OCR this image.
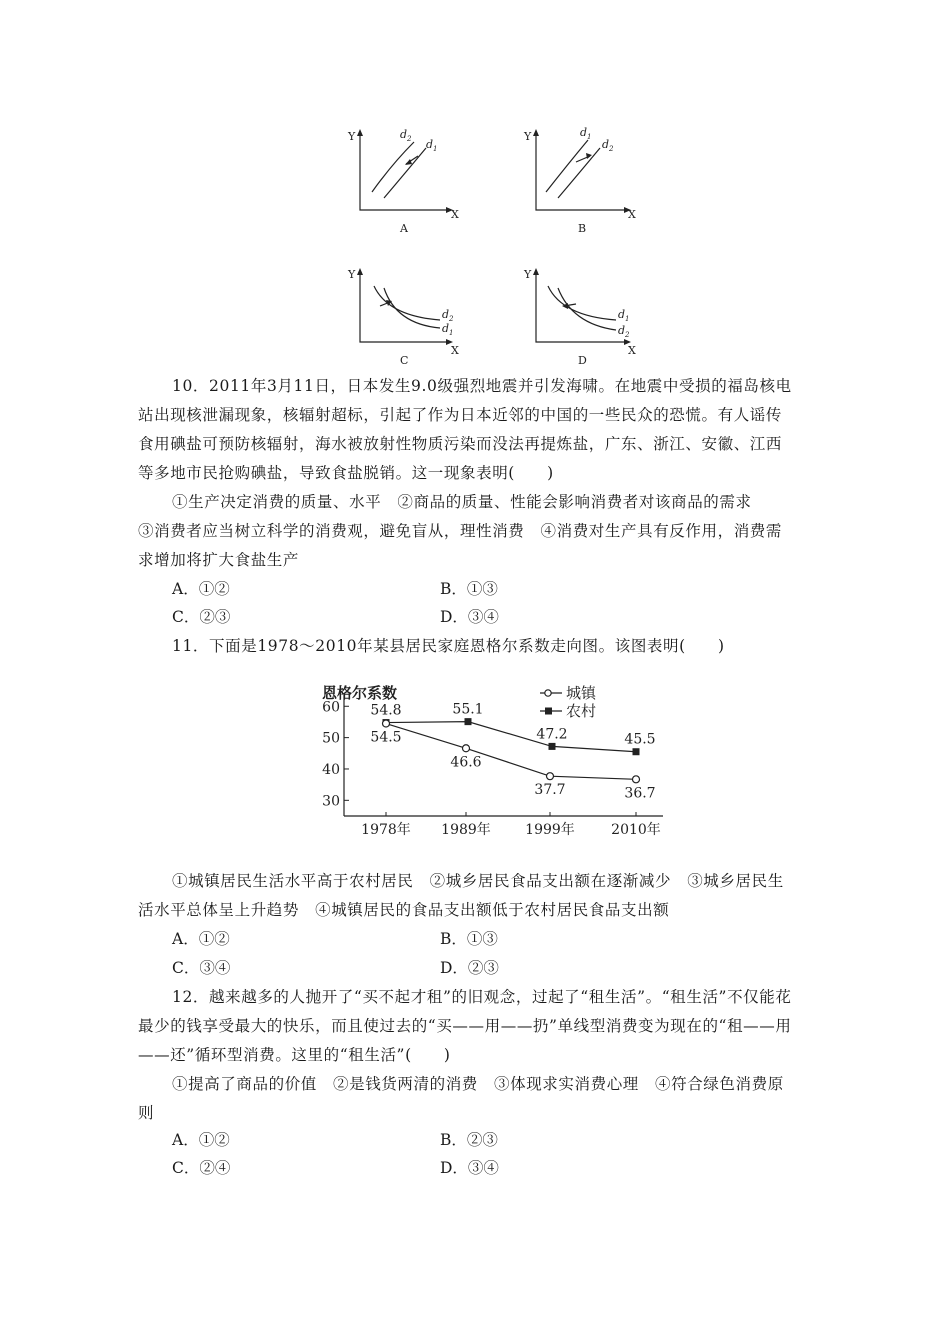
Y
X
Y
X
Y
X
Y
X
A	B
C	D
$d_2$ $d_1$
$d_1$
$d_2$
$d_2$
$d_1$
$d_1$
$d_2$
10．2011年3月11日，日本发生9.0级强烈地震并引发海啸。在地震中受损的福岛核电
站出现核泄漏现象，核辐射超标，引起了作为日本近邻的中国的一些民众的恐慌。有人谣传
食用碘盐可预防核辐射，海水被放射性物质污染而没法再提炼盐，广东、浙江、安徽、江西
等多地市民抢购碘盐，导致食盐脱销。这一现象表明(　　)
①生产决定消费的质量、水平　②商品的质量、性能会影响消费者对该商品的需求
③消费者应当树立科学的消费观，避免盲从，理性消费　④消费对生产具有反作用，消费需
求增加将扩大食盐生产
A．①②	B．①③
C．②③	D．③④
11．下面是1978～2010年某县居民家庭恩格尔系数走向图。该图表明(　　)
恩格尔系数
30
40
50
60
1978年 1989年 1999年	2010年
54.8	55.1
47.2	45.5
54.5
46.6
37.7	36.7
城镇
农村
①城镇居民生活水平高于农村居民　②城乡居民食品支出额在逐渐减少　③城乡居民生
活水平总体呈上升趋势　④城镇居民的食品支出额低于农村居民食品支出额
A．①②	B．①③
C．③④	D．②③
12．越来越多的人抛开了“买不起才租”的旧观念，过起了“租生活”。“租生活”不仅能花
最少的钱享受最大的快乐，而且使过去的“买——用——扔”单线型消费变为现在的“租——用
——还”循环型消费。这里的“租生活”(　　)
①提高了商品的价值　②是钱货两清的消费　③体现求实消费心理　④符合绿色消费原
则
A．①②	B．②③
C．②④	D．③④
